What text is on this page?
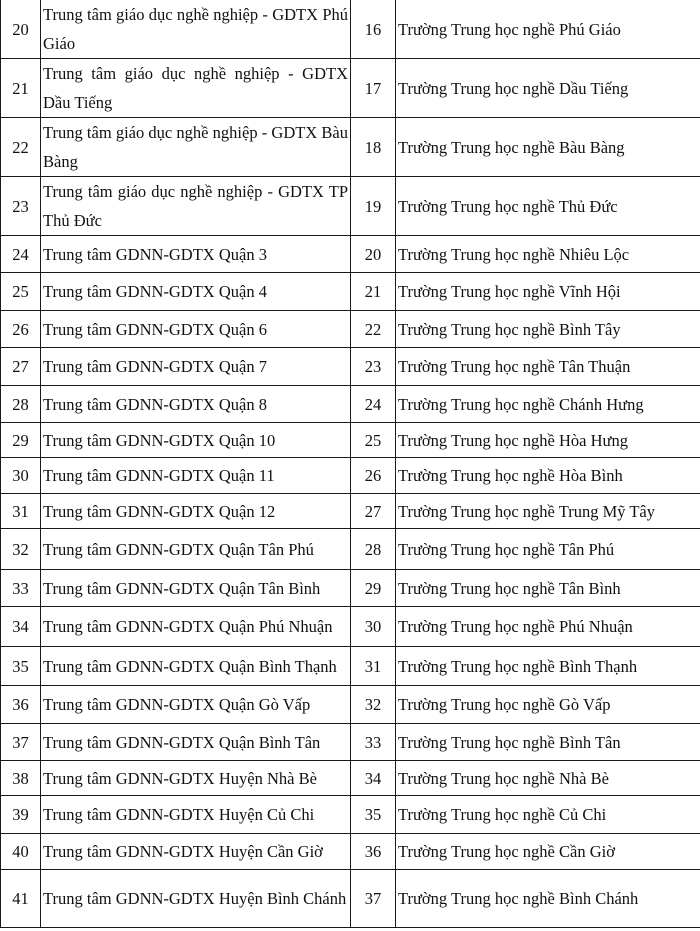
20	Trung tâm giáo dục nghề nghiệp - GDTX Phú Giáo	16	Trường Trung học nghề Phú Giáo
21	Trung tâm giáo dục nghề nghiệp - GDTX Dầu Tiếng	17	Trường Trung học nghề Dầu Tiếng
22	Trung tâm giáo dục nghề nghiệp - GDTX Bàu Bàng	18	Trường Trung học nghề Bàu Bàng
23	Trung tâm giáo dục nghề nghiệp - GDTX TP Thủ Đức	19	Trường Trung học nghề Thủ Đức
24	Trung tâm GDNN-GDTX Quận 3	20	Trường Trung học nghề Nhiêu Lộc
25	Trung tâm GDNN-GDTX Quận 4	21	Trường Trung học nghề Vĩnh Hội
26	Trung tâm GDNN-GDTX Quận 6	22	Trường Trung học nghề Bình Tây
27	Trung tâm GDNN-GDTX Quận 7	23	Trường Trung học nghề Tân Thuận
28	Trung tâm GDNN-GDTX Quận 8	24	Trường Trung học nghề Chánh Hưng
29	Trung tâm GDNN-GDTX Quận 10	25	Trường Trung học nghề Hòa Hưng
30	Trung tâm GDNN-GDTX Quận 11	26	Trường Trung học nghề Hòa Bình
31	Trung tâm GDNN-GDTX Quận 12	27	Trường Trung học nghề Trung Mỹ Tây
32	Trung tâm GDNN-GDTX Quận Tân Phú	28	Trường Trung học nghề Tân Phú
33	Trung tâm GDNN-GDTX Quận Tân Bình	29	Trường Trung học nghề Tân Bình
34	Trung tâm GDNN-GDTX Quận Phú Nhuận	30	Trường Trung học nghề Phú Nhuận
35	Trung tâm GDNN-GDTX Quận Bình Thạnh	31	Trường Trung học nghề Bình Thạnh
36	Trung tâm GDNN-GDTX Quận Gò Vấp	32	Trường Trung học nghề Gò Vấp
37	Trung tâm GDNN-GDTX Quận Bình Tân	33	Trường Trung học nghề Bình Tân
38	Trung tâm GDNN-GDTX Huyện Nhà Bè	34	Trường Trung học nghề Nhà Bè
39	Trung tâm GDNN-GDTX Huyện Củ Chi	35	Trường Trung học nghề Củ Chi
40	Trung tâm GDNN-GDTX Huyện Cần Giờ	36	Trường Trung học nghề Cần Giờ
41	Trung tâm GDNN-GDTX Huyện Bình Chánh	37	Trường Trung học nghề Bình Chánh
